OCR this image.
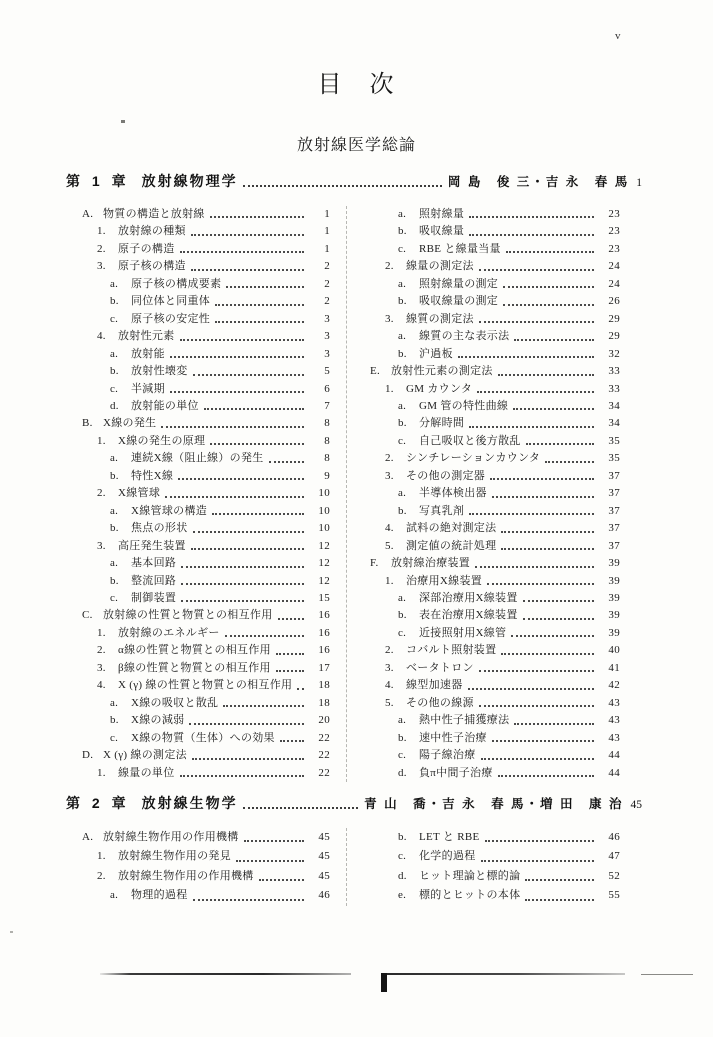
v
目　次
放射線医学総論
第 1 章 放射線物理学	岡 島　俊 三・吉 永　春 馬 1
A. 物質の構造と放射線	1
1.	放射線の種類	1
2.	原子の構造	1
3.	原子核の構造	2
a.	原子核の構成要素	2
b.	同位体と同重体	2
c.	原子核の安定性	3
4.	放射性元素	3
a.	放射能	3
b.	放射性壊変	5
c.	半減期	6
d.	放射能の単位	7
B. X線の発生	8
1.	X線の発生の原理	8
a.	連続X線（阻止線）の発生	8
b.	特性X線	9
2.	X線管球	10
a.	X線管球の構造	10
b.	焦点の形状	10
3.	高圧発生装置	12
a.	基本回路	12
b.	整流回路	12
c.	制御装置	15
C. 放射線の性質と物質との相互作用	16
1.	放射線のエネルギー	16
2.	α線の性質と物質との相互作用	16
3.	β線の性質と物質との相互作用	17
4.	X (γ) 線の性質と物質との相互作用	18
a.	X線の吸収と散乱	18
b.	X線の減弱	20
c.	X線の物質（生体）への効果	22
D. X (γ) 線の測定法	22
1.	線量の単位	22
a.	照射線量	23
b.	吸収線量	23
c.	RBE と線量当量	23
2.	線量の測定法	24
a.	照射線量の測定	24
b.	吸収線量の測定	26
3.	線質の測定法	29
a.	線質の主な表示法	29
b.	沪過板	32
E. 放射性元素の測定法	33
1.	GM カウンタ	33
a.	GM 管の特性曲線	34
b.	分解時間	34
c.	自己吸収と後方散乱	35
2.	シンチレーションカウンタ	35
3.	その他の測定器	37
a.	半導体検出器	37
b.	写真乳剤	37
4.	試料の絶対測定法	37
5.	測定値の統計処理	37
F.	放射線治療装置	39
1.	治療用X線装置	39
a.	深部治療用X線装置	39
b.	表在治療用X線装置	39
c.	近接照射用X線管	39
2.	コバルト照射装置	40
3.	ベータトロン	41
4.	線型加速器	42
5.	その他の線源	43
a.	熱中性子捕獲療法	43
b.	速中性子治療	43
c.	陽子線治療	44
d.	負π中間子治療	44
第 2 章 放射線生物学	青 山　喬・吉 永　春 馬・増 田　康 治 45
A. 放射線生物作用の作用機構	45
1.	放射線生物作用の発見	45
2.	放射線生物作用の作用機構	45
a.	物理的過程	46
b.	LET と RBE	46
c.	化学的過程	47
d.	ヒット理論と標的論	52
e.	標的とヒットの本体	55
